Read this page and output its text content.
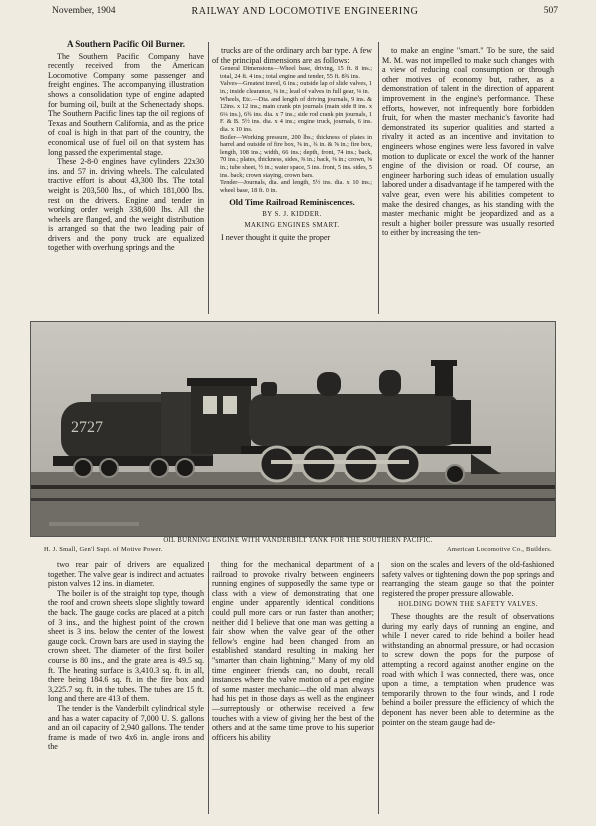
November, 1904	RAILWAY AND LOCOMOTIVE ENGINEERING	507

A Southern Pacific Oil Burner.

The Southern Pacific Company have recently received from the American Locomotive Company some passenger and freight engines. The accompanying illustration shows a consolidation type of engine adapted for burning oil, built at the Schenectady shops. The Southern Pacific lines tap the oil regions of Texas and Southern California, and as the price of coal is high in that part of the country, the economical use of fuel oil on that system has long passed the experimental stage.

These 2-8-0 engines have cylinders 22x30 ins. and 57 in. driving wheels. The calculated tractive effort is about 43,300 lbs. The total weight is 203,500 lbs., of which 181,000 lbs. rest on the drivers. Engine and tender in working order weigh 338,600 lbs. All the wheels are flanged, and the weight distribution is arranged so that the two leading pair of drivers and the pony truck are equalized together with overhung springs and the

trucks are of the ordinary arch bar type. A few of the principal dimensions are as follows:

General Dimensions—Wheel base, driving, 15 ft. 8 ins.; total, 24 ft. 4 ins.; total engine and tender, 55 ft. 8¾ ins.

Valves—Greatest travel, 6 ins.; outside lap of slide valves, 1 in.; inside clearance, ⅛ in.; lead of valves in full gear, ⅛ in.

Wheels, Etc.—Dia. and length of driving journals, 9 ins. & 12ins. x 12 ins.; main crank pin journals (main side 8 ins. x 6¼ ins.), 6¾ ins. dia. x 7 ins.; side rod crank pin journals, 1 F. & B. 5½ ins. dia. x 4 ins.; engine truck, journals, 6 ins. dia. x 10 ins.

Boiler—Working pressure, 200 lbs.; thickness of plates in barrel and outside of fire box, ⅝ in., ¾ in. & ⅝ in.; fire box, length, 108 ins.; width, 66 ins.; depth, front, 74 ins.; back, 70 ins.; plates, thickness, sides, ⅜ in.; back, ⅜ in.; crown, ⅜ in.; tube sheet, ½ in.; water space, 5 ins. front, 5 ins. sides, 5 ins. back; crown staying, crown bars.

Tender—Journals, dia. and length, 5½ ins. dia. x 10 ins.; wheel base, 18 ft. 0 in.

Old Time Railroad Reminiscences.

BY S. J. KIDDER.

MAKING ENGINES SMART.

I never thought it quite the proper

to make an engine "smart." To be sure, the said M. M. was not impelled to make such changes with a view of reducing coal consumption or through other motives of economy but, rather, as a demonstration of talent in the direction of apparent improvement in the engine's performance. These efforts, however, not infrequently bore forbidden fruit, for when the master mechanic's favorite had demonstrated its superior qualities and started a rivalry it acted as an incentive and invitation to engineers whose engines were less favored in valve motion to duplicate or excel the work of the hanner engine of the division or road. Of course, an engineer harboring such ideas of emulation usually labored under a disadvantage if he tampered with the valve gear, even were his abilities competent to make the desired changes, as his standing with the master mechanic might be jeopardized and as a result a higher boiler pressure was usually resorted to either by increasing the ten-

2727
OIL BURNING ENGINE WITH VANDERBILT TANK FOR THE SOUTHERN PACIFIC.
H. J. Small, Gen'l Supt. of Motive Power.	American Locomotive Co., Builders.

two rear pair of drivers are equalized together. The valve gear is indirect and actuates piston valves 12 ins. in diameter.

The boiler is of the straight top type, though the roof and crown sheets slope slightly toward the back. The gauge cocks are placed at a pitch of 3 ins., and the highest point of the crown sheet is 3 ins. below the center of the lowest gauge cock. Crown bars are used in staying the crown sheet. The diameter of the first boiler course is 80 ins., and the grate area is 49.5 sq. ft. The heating surface is 3,410.3 sq. ft. in all, there being 184.6 sq. ft. in the fire box and 3,225.7 sq. ft. in the tubes. The tubes are 15 ft. long and there are 413 of them.

The tender is the Vanderbilt cylindrical style and has a water capacity of 7,000 U. S. gallons and an oil capacity of 2,940 gallons. The tender frame is made of two 4x6 in. angle irons and the

thing for the mechanical department of a railroad to provoke rivalry between engineers running engines of supposedly the same type or class with a view of demonstrating that one engine under apparently identical conditions could pull more cars or run faster than another; neither did I believe that one man was getting a fair show when the valve gear of the other fellow's engine had been changed from an established standard resulting in making her "smarter than chain lightning." Many of my old time engineer friends can, no doubt, recall instances where the valve motion of a pet engine of some master mechanic—the old man always had his pet in those days as well as the engineer—surreptously or otherwise received a few touches with a view of giving her the best of the others and at the same time prove to his superior officers his ability

sion on the scales and levers of the old-fashioned safety valves or tightening down the pop springs and rearranging the steam gauge so that the pointer registered the proper pressure allowable.

HOLDING DOWN THE SAFETY VALVES.

These thoughts are the result of observations during my early days of running an engine, and while I never cared to ride behind a boiler head withstanding an abnormal pressure, or had occasion to screw down the pops for the purpose of attempting a record against another engine on the road with which I was connected, there was, once upon a time, a temptation when prudence was temporarily thrown to the four winds, and I rode behind a boiler pressure the efficiency of which the deponent has never been able to determine as the pointer on the steam gauge had de-
